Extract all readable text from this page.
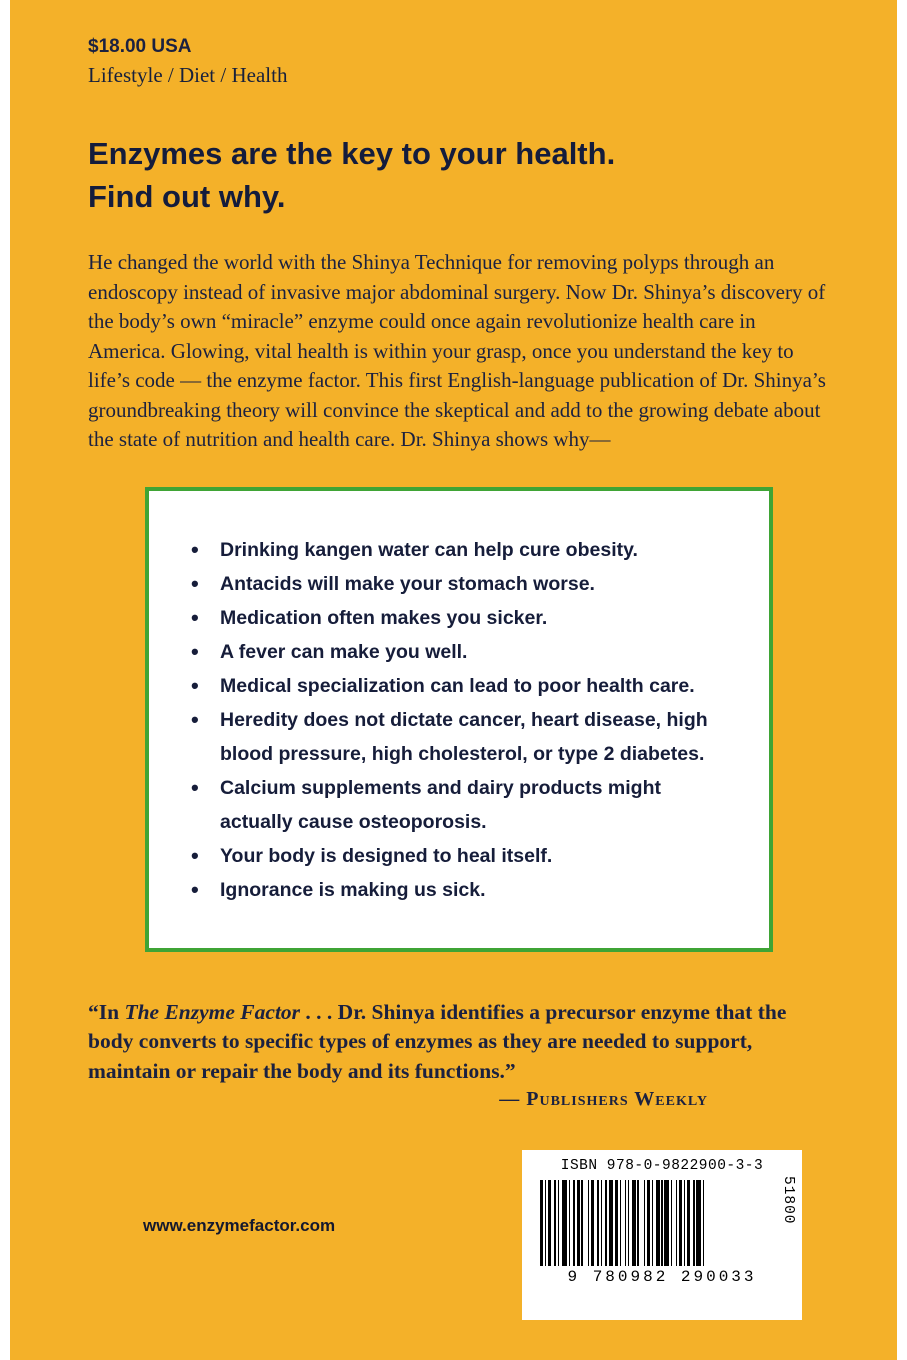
$18.00 USA
Lifestyle / Diet / Health
Enzymes are the key to your health.
Find out why.

He changed the world with the Shinya Technique for removing polyps through an endoscopy instead of invasive major abdominal surgery. Now Dr. Shinya’s discovery of the body’s own “miracle” enzyme could once again revolutionize health care in America. Glowing, vital health is within your grasp, once you understand the key to life’s code — the enzyme factor. This first English-language publication of Dr. Shinya’s groundbreaking theory will convince the skeptical and add to the growing debate about the state of nutrition and health care. Dr. Shinya shows why—

• Drinking kangen water can help cure obesity.
• Antacids will make your stomach worse.
• Medication often makes you sicker.
• A fever can make you well.
• Medical specialization can lead to poor health care.
• Heredity does not dictate cancer, heart disease, high blood pressure, high cholesterol, or type 2 diabetes.
• Calcium supplements and dairy products might actually cause osteoporosis.
• Your body is designed to heal itself.
• Ignorance is making us sick.

“In The Enzyme Factor . . . Dr. Shinya identifies a precursor enzyme that the body converts to specific types of enzymes as they are needed to support, maintain or repair the body and its functions.”

— Publishers Weekly
www.enzymefactor.com
ISBN 978-0-9822900-3-3
9 780982 290033
51800
